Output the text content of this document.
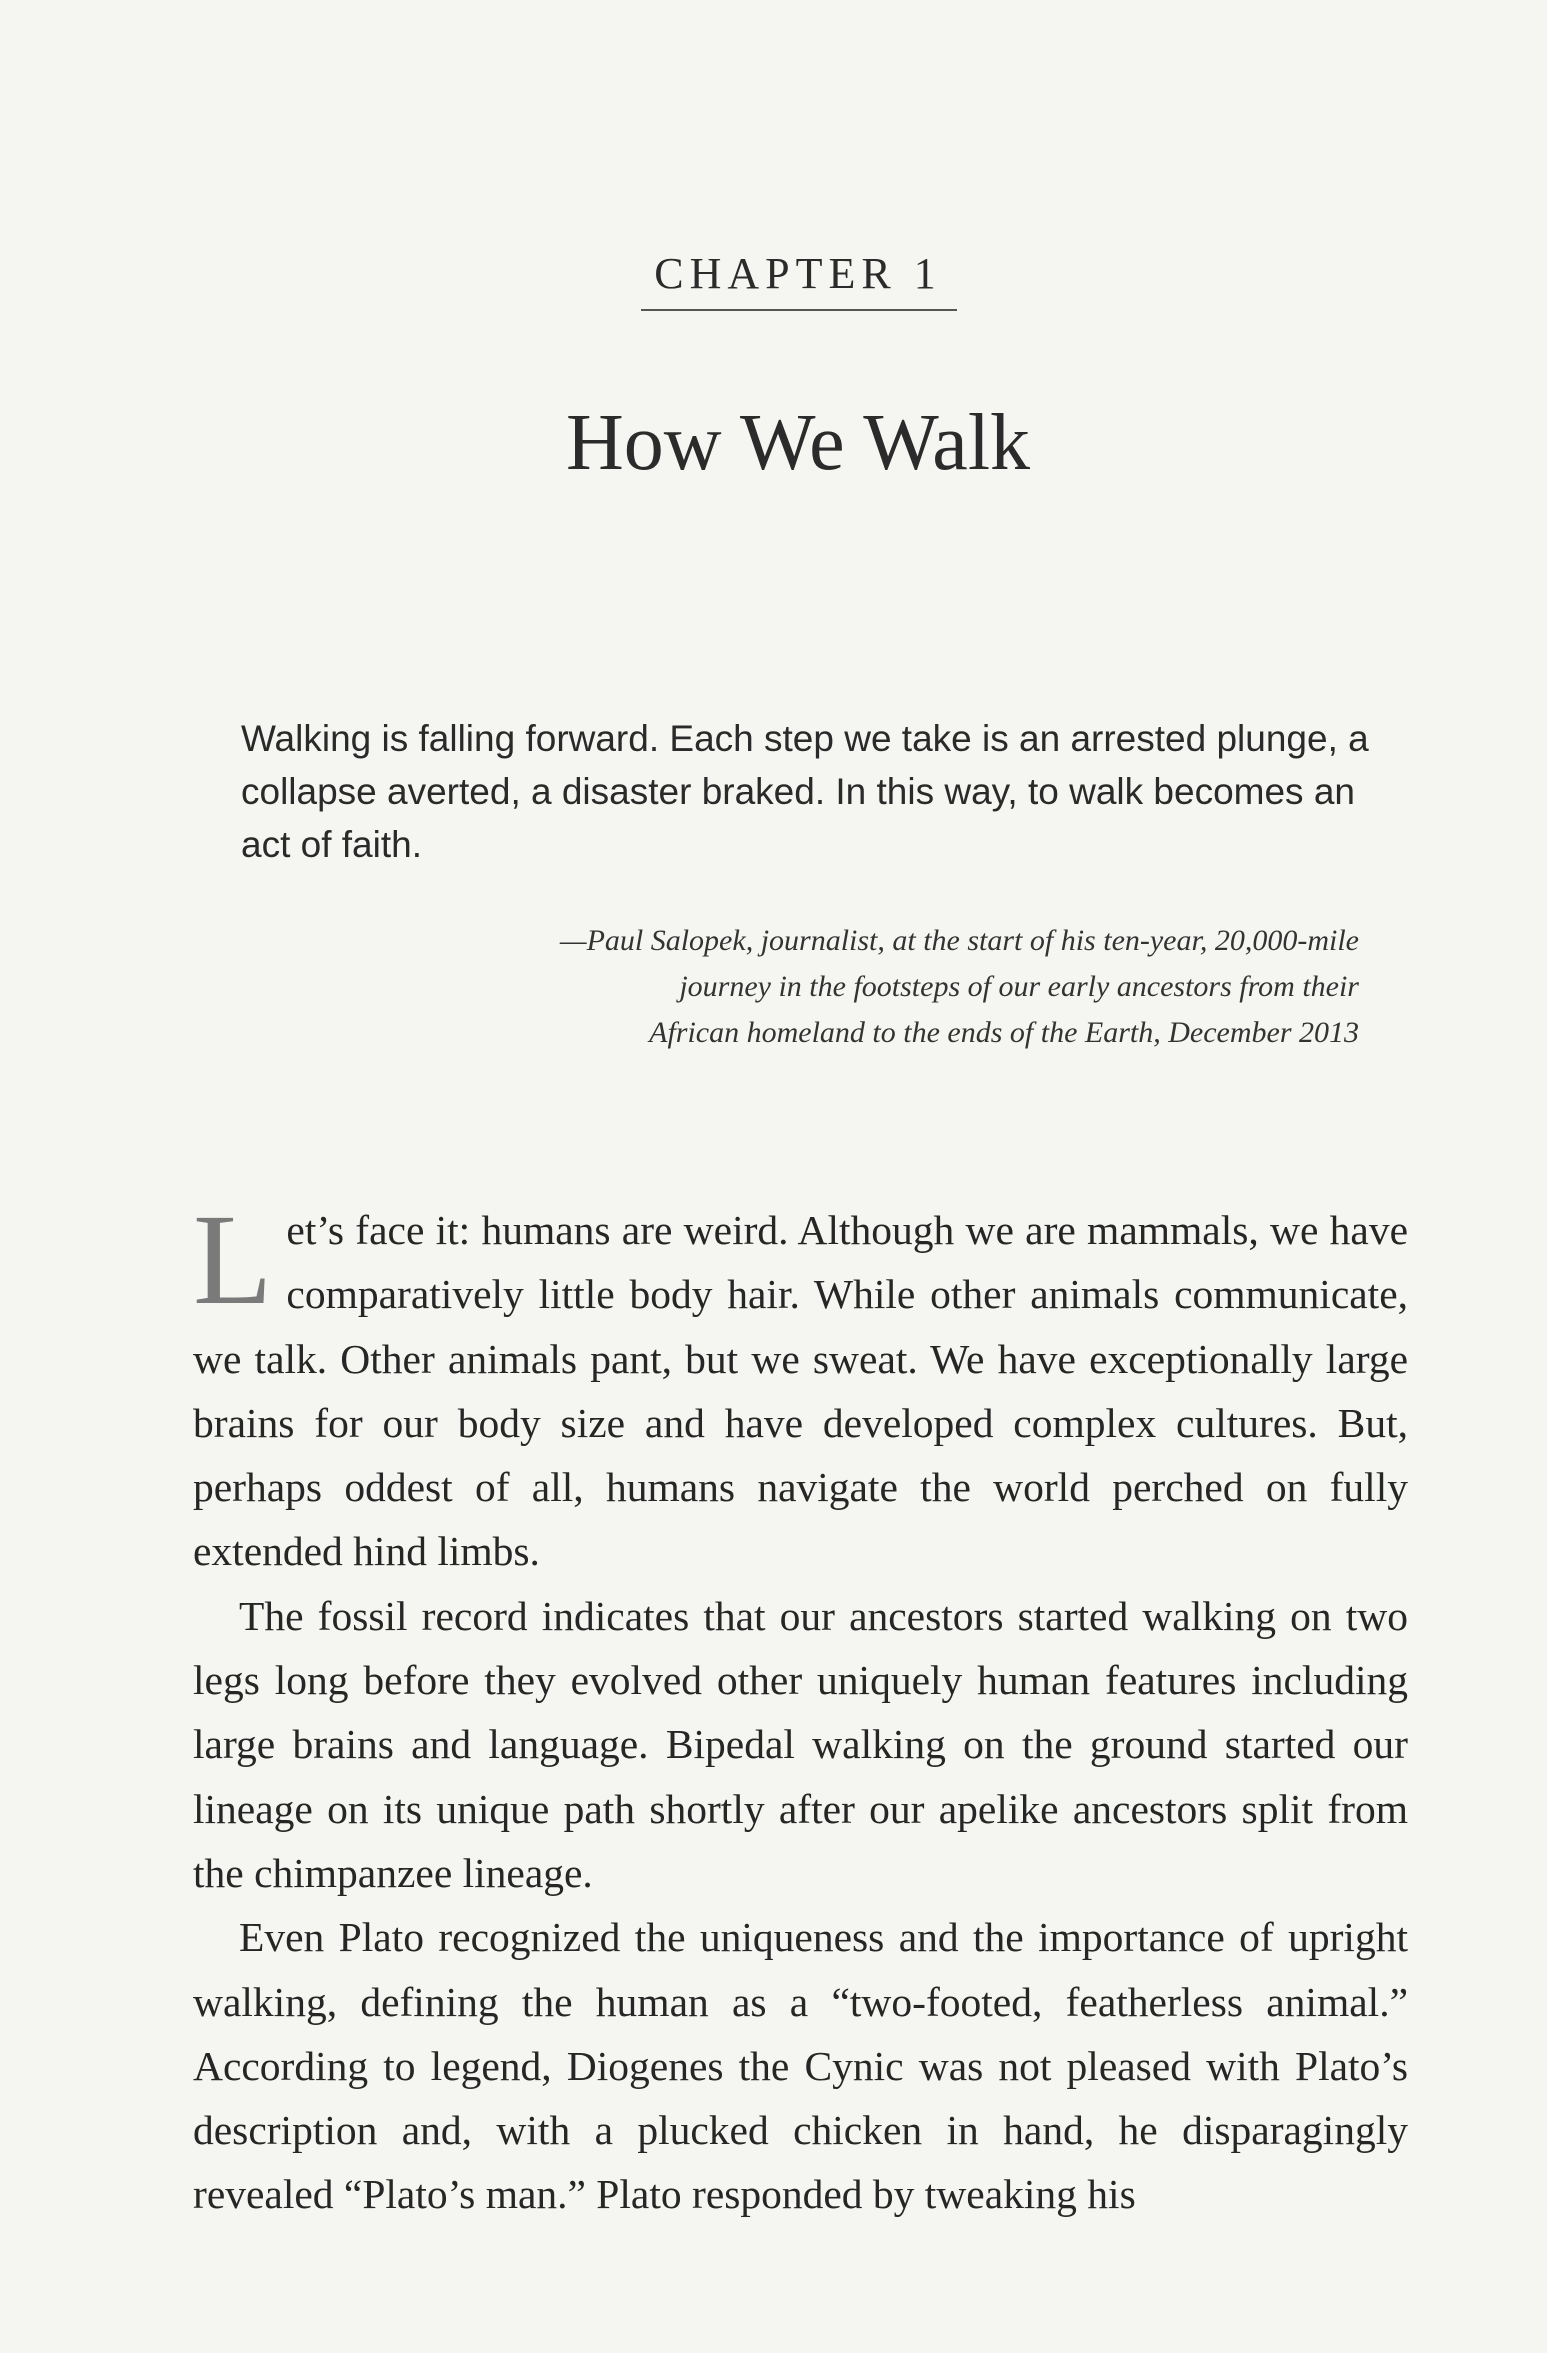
CHAPTER 1
How We Walk
Walking is falling forward. Each step we take is an arrested plunge, a collapse averted, a disaster braked. In this way, to walk becomes an act of faith.
—Paul Salopek, journalist, at the start of his ten-year, 20,000-mile
journey in the footsteps of our early ancestors from their
African homeland to the ends of the Earth, December 2013

Let’s face it: humans are weird. Although we are mammals, we have comparatively little body hair. While other animals communicate, we talk. Other animals pant, but we sweat. We have exceptionally large brains for our body size and have developed complex cultures. But, perhaps oddest of all, humans navigate the world perched on fully extended hind limbs.

The fossil record indicates that our ancestors started walking on two legs long before they evolved other uniquely human features including large brains and language. Bipedal walking on the ground started our lineage on its unique path shortly after our apelike ancestors split from the chimpanzee lineage.

Even Plato recognized the uniqueness and the importance of upright walking, defining the human as a “two-footed, featherless animal.” According to legend, Diogenes the Cynic was not pleased with Plato’s description and, with a plucked chicken in hand, he disparagingly revealed “Plato’s man.” Plato responded by tweaking his
